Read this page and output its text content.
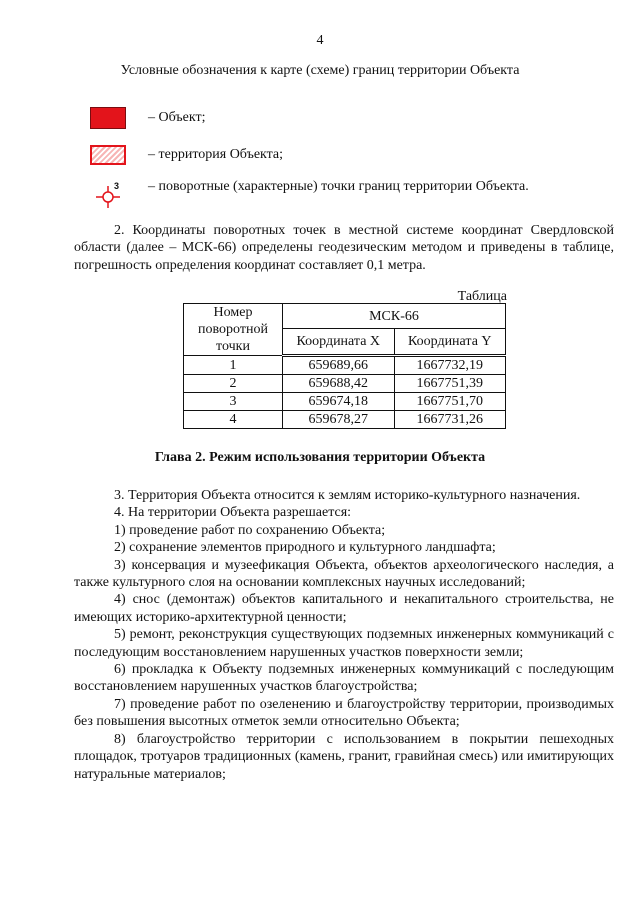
4
Условные обозначения к карте (схеме) границ территории Объекта
– Объект;
– территория Объекта;
3 – поворотные (характерные) точки границ территории Объекта.
2. Координаты поворотных точек в местной системе координат Свердловской области (далее – МСК-66) определены геодезическим методом и приведены в таблице, погрешность определения координат составляет 0,1 метра.
Таблица
Номер поворотной точки	МСК-66	
	Координата X	Координата Y
1	659689,66	1667732,19
2	659688,42	1667751,39
3	659674,18	1667751,70
4	659678,27	1667731,26
Глава 2. Режим использования территории Объекта
3. Территория Объекта относится к землям историко-культурного назначения.
4. На территории Объекта разрешается:
1) проведение работ по сохранению Объекта;
2) сохранение элементов природного и культурного ландшафта;
3) консервация и музеефикация Объекта, объектов археологического наследия, а также культурного слоя на основании комплексных научных исследований;
4) снос (демонтаж) объектов капитального и некапитального строительства, не имеющих историко-архитектурной ценности;
5) ремонт, реконструкция существующих подземных инженерных коммуникаций с последующим восстановлением нарушенных участков поверхности земли;
6) прокладка к Объекту подземных инженерных коммуникаций с последующим восстановлением нарушенных участков благоустройства;
7) проведение работ по озеленению и благоустройству территории, производимых без повышения высотных отметок земли относительно Объекта;
8) благоустройство территории с использованием в покрытии пешеходных площадок, тротуаров традиционных (камень, гранит, гравийная смесь) или имитирующих натуральные материалов;
